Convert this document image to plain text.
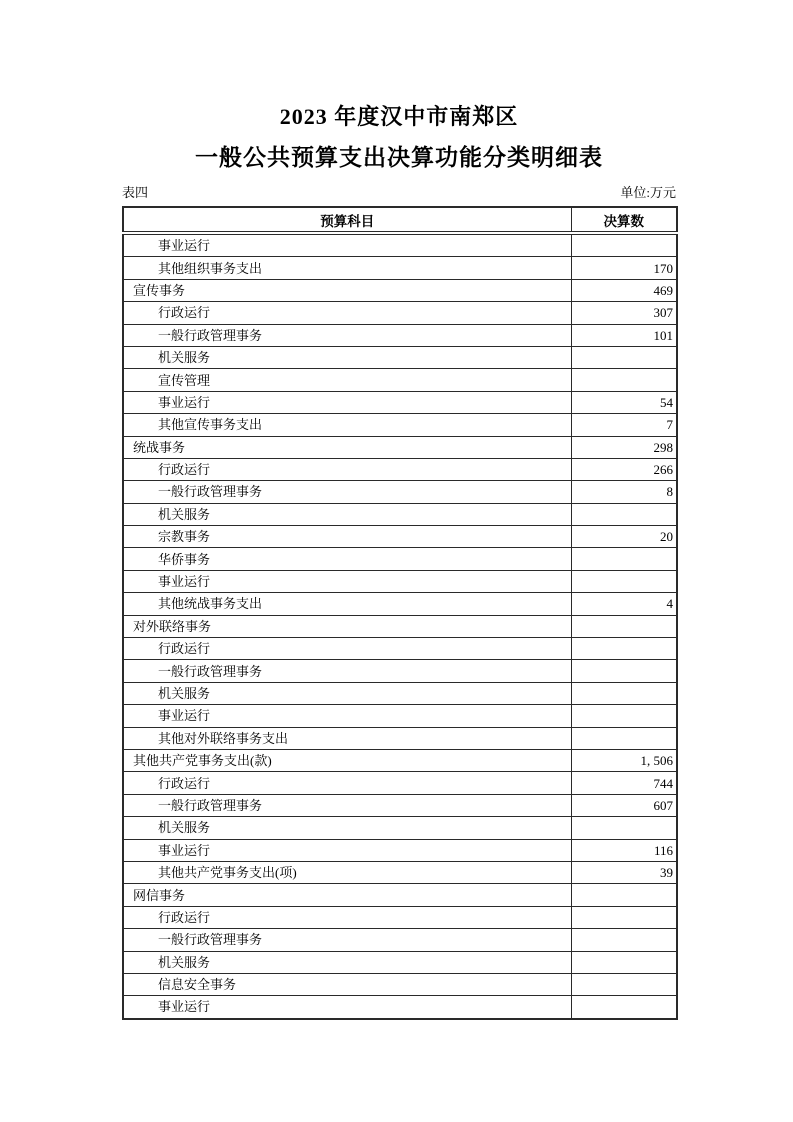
2023 年度汉中市南郑区
一般公共预算支出决算功能分类明细表
表四	单位:万元
预算科目	决算数
事业运行	
其他组织事务支出	170
宣传事务	469
行政运行	307
一般行政管理事务	101
机关服务	
宣传管理	
事业运行	54
其他宣传事务支出	7
统战事务	298
行政运行	266
一般行政管理事务	8
机关服务	
宗教事务	20
华侨事务	
事业运行	
其他统战事务支出	4
对外联络事务	
行政运行	
一般行政管理事务	
机关服务	
事业运行	
其他对外联络事务支出	
其他共产党事务支出(款)	1, 506
行政运行	744
一般行政管理事务	607
机关服务	
事业运行	116
其他共产党事务支出(项)	39
网信事务	
行政运行	
一般行政管理事务	
机关服务	
信息安全事务	
事业运行	
